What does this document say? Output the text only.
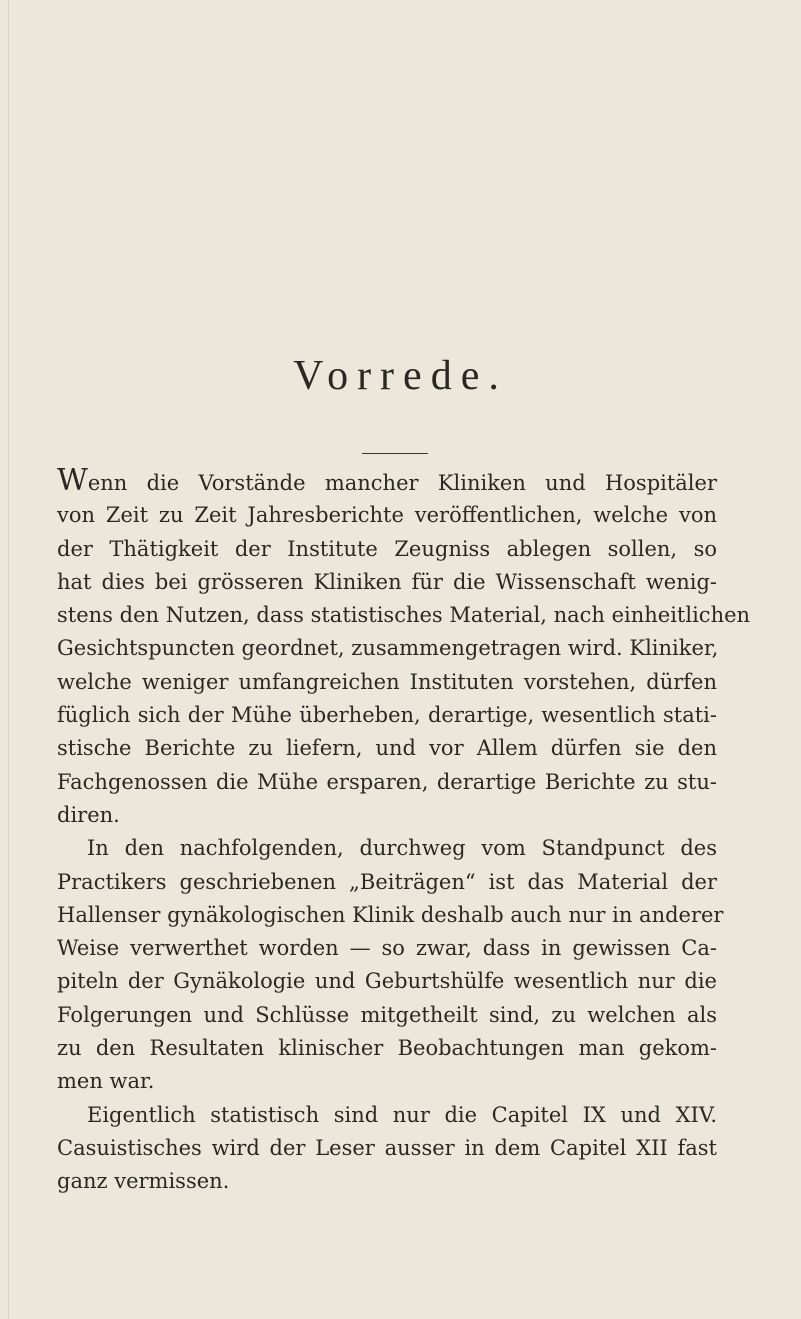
Vorrede.
Wenn die Vorstände mancher Kliniken und Hospitäler
von Zeit zu Zeit Jahresberichte veröffentlichen, welche von
der Thätigkeit der Institute Zeugniss ablegen sollen, so
hat dies bei grösseren Kliniken für die Wissenschaft wenig-
stens den Nutzen, dass statistisches Material, nach einheitlichen
Gesichtspuncten geordnet, zusammengetragen wird. Kliniker,
welche weniger umfangreichen Instituten vorstehen, dürfen
füglich sich der Mühe überheben, derartige, wesentlich stati-
stische Berichte zu liefern, und vor Allem dürfen sie den
Fachgenossen die Mühe ersparen, derartige Berichte zu stu-
diren.
In den nachfolgenden, durchweg vom Standpunct des
Practikers geschriebenen „Beiträgen“ ist das Material der
Hallenser gynäkologischen Klinik deshalb auch nur in anderer
Weise verwerthet worden — so zwar, dass in gewissen Ca-
piteln der Gynäkologie und Geburtshülfe wesentlich nur die
Folgerungen und Schlüsse mitgetheilt sind, zu welchen als
zu den Resultaten klinischer Beobachtungen man gekom-
men war.
Eigentlich statistisch sind nur die Capitel IX und XIV.
Casuistisches wird der Leser ausser in dem Capitel XII fast
ganz vermissen.
